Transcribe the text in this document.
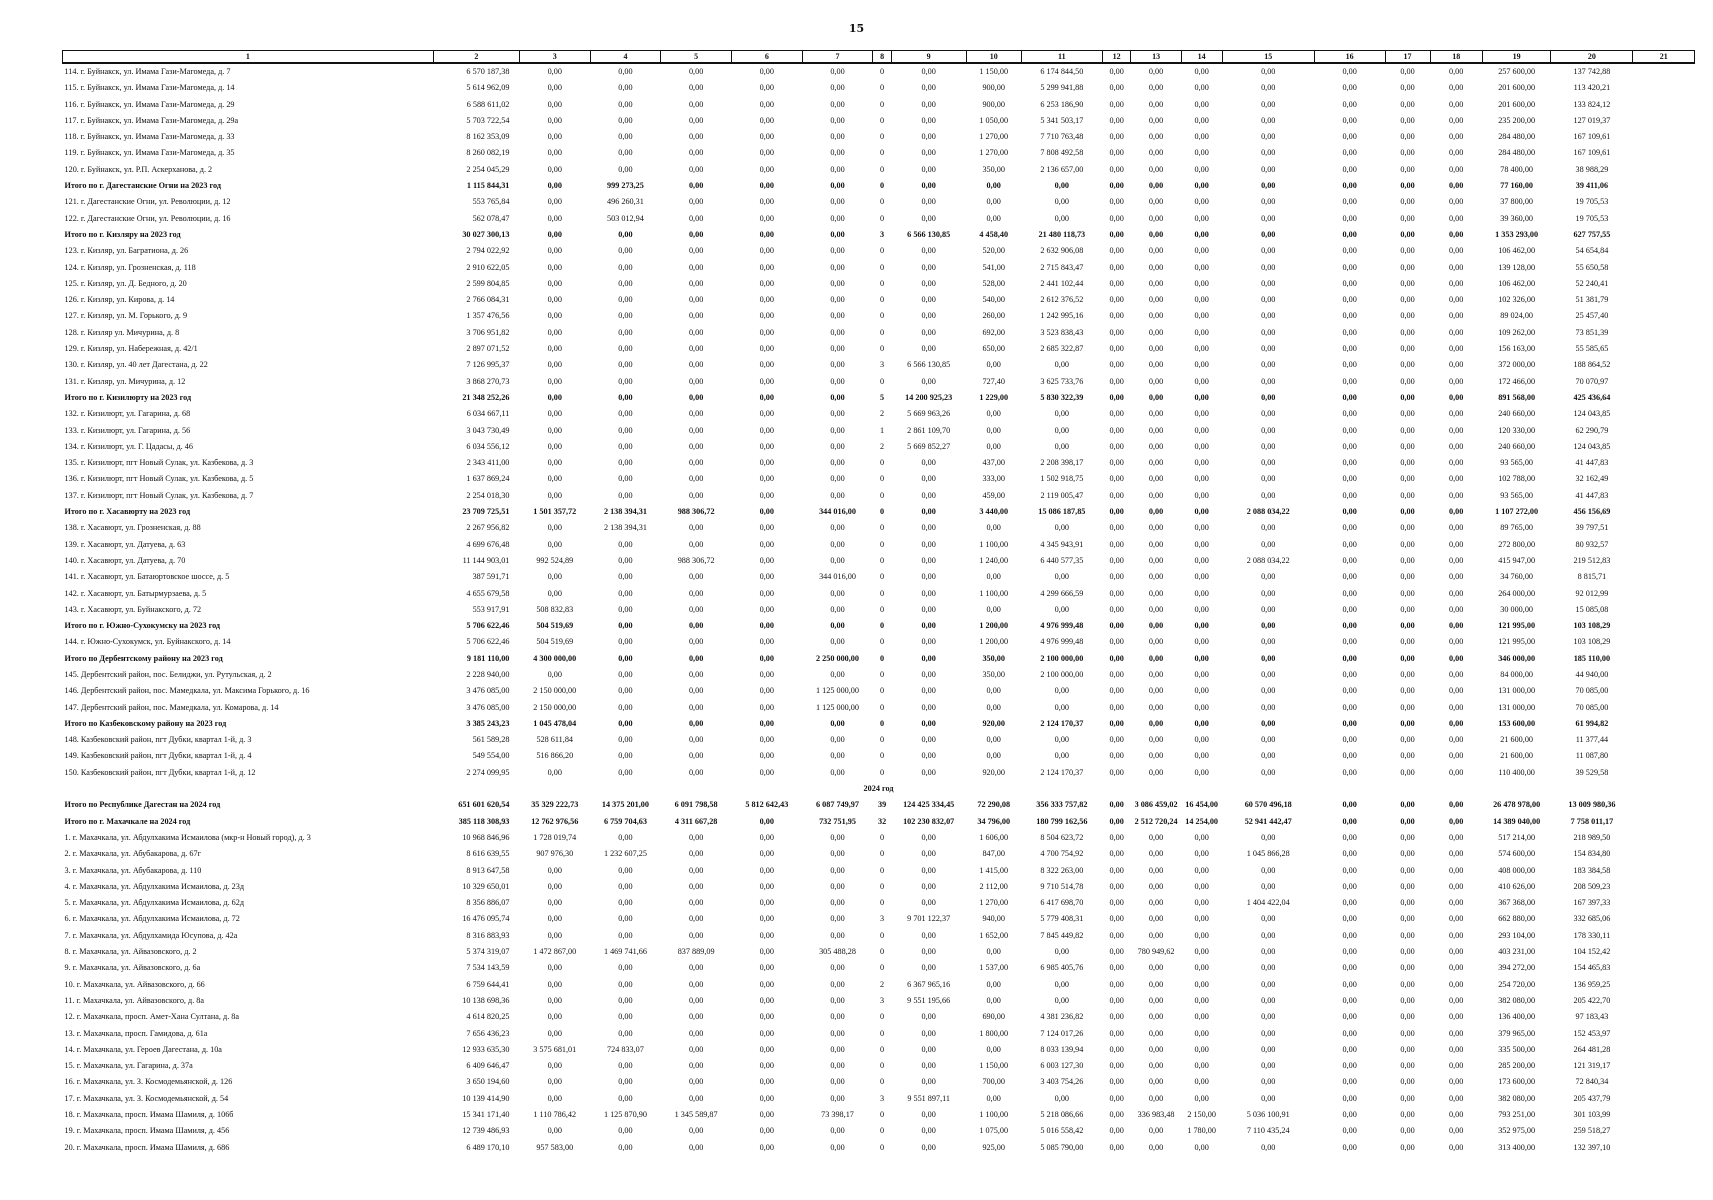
15
1	2	3	4	5	6	7	8	9	10	11	12	13	14	15	16	17	18	19	20	21
114. г. Буйнакск, ул. Имама Гази-Магомеда, д. 7	6 570 187,38	0,00	0,00	0,00	0,00	0,00	0	0,00	1 150,00	6 174 844,50	0,00	0,00	0,00	0,00	0,00	0,00	0,00	257 600,00	137 742,88	
115. г. Буйнакск, ул. Имама Гази-Магомеда, д. 14	5 614 962,09	0,00	0,00	0,00	0,00	0,00	0	0,00	900,00	5 299 941,88	0,00	0,00	0,00	0,00	0,00	0,00	0,00	201 600,00	113 420,21	
116. г. Буйнакск, ул. Имама Гази-Магомеда, д. 29	6 588 611,02	0,00	0,00	0,00	0,00	0,00	0	0,00	900,00	6 253 186,90	0,00	0,00	0,00	0,00	0,00	0,00	0,00	201 600,00	133 824,12	
117. г. Буйнакск, ул. Имама Гази-Магомеда, д. 29а	5 703 722,54	0,00	0,00	0,00	0,00	0,00	0	0,00	1 050,00	5 341 503,17	0,00	0,00	0,00	0,00	0,00	0,00	0,00	235 200,00	127 019,37	
118. г. Буйнакск, ул. Имама Гази-Магомеда, д. 33	8 162 353,09	0,00	0,00	0,00	0,00	0,00	0	0,00	1 270,00	7 710 763,48	0,00	0,00	0,00	0,00	0,00	0,00	0,00	284 480,00	167 109,61	
119. г. Буйнакск, ул. Имама Гази-Магомеда, д. 35	8 260 082,19	0,00	0,00	0,00	0,00	0,00	0	0,00	1 270,00	7 808 492,58	0,00	0,00	0,00	0,00	0,00	0,00	0,00	284 480,00	167 109,61	
120. г. Буйнакск, ул. Р.П. Аскерханова, д. 2	2 254 045,29	0,00	0,00	0,00	0,00	0,00	0	0,00	350,00	2 136 657,00	0,00	0,00	0,00	0,00	0,00	0,00	0,00	78 400,00	38 988,29	
Итого по г. Дагестанские Огни на 2023 год	1 115 844,31	0,00	999 273,25	0,00	0,00	0,00	0	0,00	0,00	0,00	0,00	0,00	0,00	0,00	0,00	0,00	0,00	77 160,00	39 411,06	
121. г. Дагестанские Огни, ул. Революции, д. 12	553 765,84	0,00	496 260,31	0,00	0,00	0,00	0	0,00	0,00	0,00	0,00	0,00	0,00	0,00	0,00	0,00	0,00	37 800,00	19 705,53	
122. г. Дагестанские Огни, ул. Революции, д. 16	562 078,47	0,00	503 012,94	0,00	0,00	0,00	0	0,00	0,00	0,00	0,00	0,00	0,00	0,00	0,00	0,00	0,00	39 360,00	19 705,53	
Итого по г. Кизляру на 2023 год	30 027 300,13	0,00	0,00	0,00	0,00	0,00	3	6 566 130,85	4 458,40	21 480 118,73	0,00	0,00	0,00	0,00	0,00	0,00	0,00	1 353 293,00	627 757,55	
123. г. Кизляр, ул. Багратиона, д. 26	2 794 022,92	0,00	0,00	0,00	0,00	0,00	0	0,00	520,00	2 632 906,08	0,00	0,00	0,00	0,00	0,00	0,00	0,00	106 462,00	54 654,84	
124. г. Кизляр, ул. Грозненская, д. 118	2 910 622,05	0,00	0,00	0,00	0,00	0,00	0	0,00	541,00	2 715 843,47	0,00	0,00	0,00	0,00	0,00	0,00	0,00	139 128,00	55 650,58	
125. г. Кизляр, ул. Д. Бедного, д. 20	2 599 804,85	0,00	0,00	0,00	0,00	0,00	0	0,00	528,00	2 441 102,44	0,00	0,00	0,00	0,00	0,00	0,00	0,00	106 462,00	52 240,41	
126. г. Кизляр, ул. Кирова, д. 14	2 766 084,31	0,00	0,00	0,00	0,00	0,00	0	0,00	540,00	2 612 376,52	0,00	0,00	0,00	0,00	0,00	0,00	0,00	102 326,00	51 381,79	
127. г. Кизляр, ул. М. Горького, д. 9	1 357 476,56	0,00	0,00	0,00	0,00	0,00	0	0,00	260,00	1 242 995,16	0,00	0,00	0,00	0,00	0,00	0,00	0,00	89 024,00	25 457,40	
128. г. Кизляр ул. Мичурина, д. 8	3 706 951,82	0,00	0,00	0,00	0,00	0,00	0	0,00	692,00	3 523 838,43	0,00	0,00	0,00	0,00	0,00	0,00	0,00	109 262,00	73 851,39	
129. г. Кизляр, ул. Набережная, д. 42/1	2 897 071,52	0,00	0,00	0,00	0,00	0,00	0	0,00	650,00	2 685 322,87	0,00	0,00	0,00	0,00	0,00	0,00	0,00	156 163,00	55 585,65	
130. г. Кизляр, ул. 40 лет Дагестана, д. 22	7 126 995,37	0,00	0,00	0,00	0,00	0,00	3	6 566 130,85	0,00	0,00	0,00	0,00	0,00	0,00	0,00	0,00	0,00	372 000,00	188 864,52	
131. г. Кизляр, ул. Мичурина, д. 12	3 868 270,73	0,00	0,00	0,00	0,00	0,00	0	0,00	727,40	3 625 733,76	0,00	0,00	0,00	0,00	0,00	0,00	0,00	172 466,00	70 070,97	
Итого по г. Кизилюрту на 2023 год	21 348 252,26	0,00	0,00	0,00	0,00	0,00	5	14 200 925,23	1 229,00	5 830 322,39	0,00	0,00	0,00	0,00	0,00	0,00	0,00	891 568,00	425 436,64	
132. г. Кизилюрт, ул. Гагарина, д. 68	6 034 667,11	0,00	0,00	0,00	0,00	0,00	2	5 669 963,26	0,00	0,00	0,00	0,00	0,00	0,00	0,00	0,00	0,00	240 660,00	124 043,85	
133. г. Кизилюрт, ул. Гагарина, д. 56	3 043 730,49	0,00	0,00	0,00	0,00	0,00	1	2 861 109,70	0,00	0,00	0,00	0,00	0,00	0,00	0,00	0,00	0,00	120 330,00	62 290,79	
134. г. Кизилюрт, ул. Г. Цадасы, д. 46	6 034 556,12	0,00	0,00	0,00	0,00	0,00	2	5 669 852,27	0,00	0,00	0,00	0,00	0,00	0,00	0,00	0,00	0,00	240 660,00	124 043,85	
135. г. Кизилюрт, пгт Новый Сулак, ул. Казбекова, д. 3	2 343 411,00	0,00	0,00	0,00	0,00	0,00	0	0,00	437,00	2 208 398,17	0,00	0,00	0,00	0,00	0,00	0,00	0,00	93 565,00	41 447,83	
136. г. Кизилюрт, пгт Новый Сулак, ул. Казбекова, д. 5	1 637 869,24	0,00	0,00	0,00	0,00	0,00	0	0,00	333,00	1 502 918,75	0,00	0,00	0,00	0,00	0,00	0,00	0,00	102 788,00	32 162,49	
137. г. Кизилюрт, пгт Новый Сулак, ул. Казбекова, д. 7	2 254 018,30	0,00	0,00	0,00	0,00	0,00	0	0,00	459,00	2 119 005,47	0,00	0,00	0,00	0,00	0,00	0,00	0,00	93 565,00	41 447,83	
Итого по г. Хасавюрту на 2023 год	23 709 725,51	1 501 357,72	2 138 394,31	988 306,72	0,00	344 016,00	0	0,00	3 440,00	15 086 187,85	0,00	0,00	0,00	2 088 034,22	0,00	0,00	0,00	1 107 272,00	456 156,69	
138. г. Хасавюрт, ул. Грозненская, д. 88	2 267 956,82	0,00	2 138 394,31	0,00	0,00	0,00	0	0,00	0,00	0,00	0,00	0,00	0,00	0,00	0,00	0,00	0,00	89 765,00	39 797,51	
139. г. Хасавюрт, ул. Датуева, д. 63	4 699 676,48	0,00	0,00	0,00	0,00	0,00	0	0,00	1 100,00	4 345 943,91	0,00	0,00	0,00	0,00	0,00	0,00	0,00	272 800,00	80 932,57	
140. г. Хасавюрт, ул. Датуева, д. 70	11 144 903,01	992 524,89	0,00	988 306,72	0,00	0,00	0	0,00	1 240,00	6 440 577,35	0,00	0,00	0,00	2 088 034,22	0,00	0,00	0,00	415 947,00	219 512,83	
141. г. Хасавюрт, ул. Батаюртовское шоссе, д. 5	387 591,71	0,00	0,00	0,00	0,00	344 016,00	0	0,00	0,00	0,00	0,00	0,00	0,00	0,00	0,00	0,00	0,00	34 760,00	8 815,71	
142. г. Хасавюрт, ул. Батырмурзаева, д. 5	4 655 679,58	0,00	0,00	0,00	0,00	0,00	0	0,00	1 100,00	4 299 666,59	0,00	0,00	0,00	0,00	0,00	0,00	0,00	264 000,00	92 012,99	
143. г. Хасавюрт, ул. Буйнакского, д. 72	553 917,91	508 832,83	0,00	0,00	0,00	0,00	0	0,00	0,00	0,00	0,00	0,00	0,00	0,00	0,00	0,00	0,00	30 000,00	15 085,08	
Итого по г. Южно-Сухокумску на 2023 год	5 706 622,46	504 519,69	0,00	0,00	0,00	0,00	0	0,00	1 200,00	4 976 999,48	0,00	0,00	0,00	0,00	0,00	0,00	0,00	121 995,00	103 108,29	
144. г. Южно-Сухокумск, ул. Буйнакского, д. 14	5 706 622,46	504 519,69	0,00	0,00	0,00	0,00	0	0,00	1 200,00	4 976 999,48	0,00	0,00	0,00	0,00	0,00	0,00	0,00	121 995,00	103 108,29	
Итого по Дербентскому району на 2023 год	9 181 110,00	4 300 000,00	0,00	0,00	0,00	2 250 000,00	0	0,00	350,00	2 100 000,00	0,00	0,00	0,00	0,00	0,00	0,00	0,00	346 000,00	185 110,00	
145. Дербентский район, пос. Белиджи, ул. Рутульская, д. 2	2 228 940,00	0,00	0,00	0,00	0,00	0,00	0	0,00	350,00	2 100 000,00	0,00	0,00	0,00	0,00	0,00	0,00	0,00	84 000,00	44 940,00	
146. Дербентский район, пос. Мамедкала, ул. Максима Горького, д. 16	3 476 085,00	2 150 000,00	0,00	0,00	0,00	1 125 000,00	0	0,00	0,00	0,00	0,00	0,00	0,00	0,00	0,00	0,00	0,00	131 000,00	70 085,00	
147. Дербентский район, пос. Мамедкала, ул. Комарова, д. 14	3 476 085,00	2 150 000,00	0,00	0,00	0,00	1 125 000,00	0	0,00	0,00	0,00	0,00	0,00	0,00	0,00	0,00	0,00	0,00	131 000,00	70 085,00	
Итого по Казбековскому району на 2023 год	3 385 243,23	1 045 478,04	0,00	0,00	0,00	0,00	0	0,00	920,00	2 124 170,37	0,00	0,00	0,00	0,00	0,00	0,00	0,00	153 600,00	61 994,82	
148. Казбековский район, пгт Дубки, квартал 1-й, д. 3	561 589,28	528 611,84	0,00	0,00	0,00	0,00	0	0,00	0,00	0,00	0,00	0,00	0,00	0,00	0,00	0,00	0,00	21 600,00	11 377,44	
149. Казбековский район, пгт Дубки, квартал 1-й, д. 4	549 554,00	516 866,20	0,00	0,00	0,00	0,00	0	0,00	0,00	0,00	0,00	0,00	0,00	0,00	0,00	0,00	0,00	21 600,00	11 087,80	
150. Казбековский район, пгт Дубки, квартал 1-й, д. 12	2 274 099,95	0,00	0,00	0,00	0,00	0,00	0	0,00	920,00	2 124 170,37	0,00	0,00	0,00	0,00	0,00	0,00	0,00	110 400,00	39 529,58	
2024 год																				
Итого по Республике Дагестан на 2024 год	651 601 620,54	35 329 222,73	14 375 201,00	6 091 798,58	5 812 642,43	6 087 749,97	39	124 425 334,45	72 290,08	356 333 757,82	0,00	3 086 459,02	16 454,00	60 570 496,18	0,00	0,00	0,00	26 478 978,00	13 009 980,36	
Итого по г. Махачкале на 2024 год	385 118 308,93	12 762 976,56	6 759 704,63	4 311 667,28	0,00	732 751,95	32	102 230 832,07	34 796,00	180 799 162,56	0,00	2 512 720,24	14 254,00	52 941 442,47	0,00	0,00	0,00	14 389 040,00	7 758 011,17	
1. г. Махачкала, ул. Абдулхакима Исмаилова (мкр-н Новый город), д. 3	10 968 846,96	1 728 019,74	0,00	0,00	0,00	0,00	0	0,00	1 606,00	8 504 623,72	0,00	0,00	0,00	0,00	0,00	0,00	0,00	517 214,00	218 989,50	
2. г. Махачкала, ул. Абубакарова, д. 67г	8 616 639,55	907 976,30	1 232 607,25	0,00	0,00	0,00	0	0,00	847,00	4 700 754,92	0,00	0,00	0,00	1 045 866,28	0,00	0,00	0,00	574 600,00	154 834,80	
3. г. Махачкала, ул. Абубакарова, д. 110	8 913 647,58	0,00	0,00	0,00	0,00	0,00	0	0,00	1 415,00	8 322 263,00	0,00	0,00	0,00	0,00	0,00	0,00	0,00	408 000,00	183 384,58	
4. г. Махачкала, ул. Абдулхакима Исмаилова, д. 23д	10 329 650,01	0,00	0,00	0,00	0,00	0,00	0	0,00	2 112,00	9 710 514,78	0,00	0,00	0,00	0,00	0,00	0,00	0,00	410 626,00	208 509,23	
5. г. Махачкала, ул. Абдулхакима Исмаилова, д. 62д	8 356 886,07	0,00	0,00	0,00	0,00	0,00	0	0,00	1 270,00	6 417 698,70	0,00	0,00	0,00	1 404 422,04	0,00	0,00	0,00	367 368,00	167 397,33	
6. г. Махачкала, ул. Абдулхакима Исмаилова, д. 72	16 476 095,74	0,00	0,00	0,00	0,00	0,00	3	9 701 122,37	940,00	5 779 408,31	0,00	0,00	0,00	0,00	0,00	0,00	0,00	662 880,00	332 685,06	
7. г. Махачкала, ул. Абдулхамида Юсупова, д. 42а	8 316 883,93	0,00	0,00	0,00	0,00	0,00	0	0,00	1 652,00	7 845 449,82	0,00	0,00	0,00	0,00	0,00	0,00	0,00	293 104,00	178 330,11	
8. г. Махачкала, ул. Айвазовского, д. 2	5 374 319,07	1 472 867,00	1 469 741,66	837 889,09	0,00	305 488,28	0	0,00	0,00	0,00	0,00	780 949,62	0,00	0,00	0,00	0,00	0,00	403 231,00	104 152,42	
9. г. Махачкала, ул. Айвазовского, д. 6а	7 534 143,59	0,00	0,00	0,00	0,00	0,00	0	0,00	1 537,00	6 985 405,76	0,00	0,00	0,00	0,00	0,00	0,00	0,00	394 272,00	154 465,83	
10. г. Махачкала, ул. Айвазовского, д. 66	6 759 644,41	0,00	0,00	0,00	0,00	0,00	2	6 367 965,16	0,00	0,00	0,00	0,00	0,00	0,00	0,00	0,00	0,00	254 720,00	136 959,25	
11. г. Махачкала, ул. Айвазовского, д. 8а	10 138 698,36	0,00	0,00	0,00	0,00	0,00	3	9 551 195,66	0,00	0,00	0,00	0,00	0,00	0,00	0,00	0,00	0,00	382 080,00	205 422,70	
12. г. Махачкала, просп. Амет-Хана Султана, д. 8а	4 614 820,25	0,00	0,00	0,00	0,00	0,00	0	0,00	690,00	4 381 236,82	0,00	0,00	0,00	0,00	0,00	0,00	0,00	136 400,00	97 183,43	
13. г. Махачкала, просп. Гамидова, д. 61а	7 656 436,23	0,00	0,00	0,00	0,00	0,00	0	0,00	1 800,00	7 124 017,26	0,00	0,00	0,00	0,00	0,00	0,00	0,00	379 965,00	152 453,97	
14. г. Махачкала, ул. Героев Дагестана, д. 10а	12 933 635,30	3 575 681,01	724 833,07	0,00	0,00	0,00	0	0,00	0,00	8 033 139,94	0,00	0,00	0,00	0,00	0,00	0,00	0,00	335 500,00	264 481,28	
15. г. Махачкала, ул. Гагарина, д. 37а	6 409 646,47	0,00	0,00	0,00	0,00	0,00	0	0,00	1 150,00	6 003 127,30	0,00	0,00	0,00	0,00	0,00	0,00	0,00	285 200,00	121 319,17	
16. г. Махачкала, ул. З. Космодемьянской, д. 126	3 650 194,60	0,00	0,00	0,00	0,00	0,00	0	0,00	700,00	3 403 754,26	0,00	0,00	0,00	0,00	0,00	0,00	0,00	173 600,00	72 840,34	
17. г. Махачкала, ул. З. Космодемьянской, д. 54	10 139 414,90	0,00	0,00	0,00	0,00	0,00	3	9 551 897,11	0,00	0,00	0,00	0,00	0,00	0,00	0,00	0,00	0,00	382 080,00	205 437,79	
18. г. Махачкала, просп. Имама Шамиля, д. 106б	15 341 171,40	1 110 786,42	1 125 870,90	1 345 589,87	0,00	73 398,17	0	0,00	1 100,00	5 218 086,66	0,00	336 983,48	2 150,00	5 036 100,91	0,00	0,00	0,00	793 251,00	301 103,99	
19. г. Махачкала, просп. Имама Шамиля, д. 456	12 739 486,93	0,00	0,00	0,00	0,00	0,00	0	0,00	1 075,00	5 016 558,42	0,00	0,00	1 780,00	7 110 435,24	0,00	0,00	0,00	352 975,00	259 518,27	
20. г. Махачкала, просп. Имама Шамиля, д. 686	6 489 170,10	957 583,00	0,00	0,00	0,00	0,00	0	0,00	925,00	5 085 790,00	0,00	0,00	0,00	0,00	0,00	0,00	0,00	313 400,00	132 397,10	
